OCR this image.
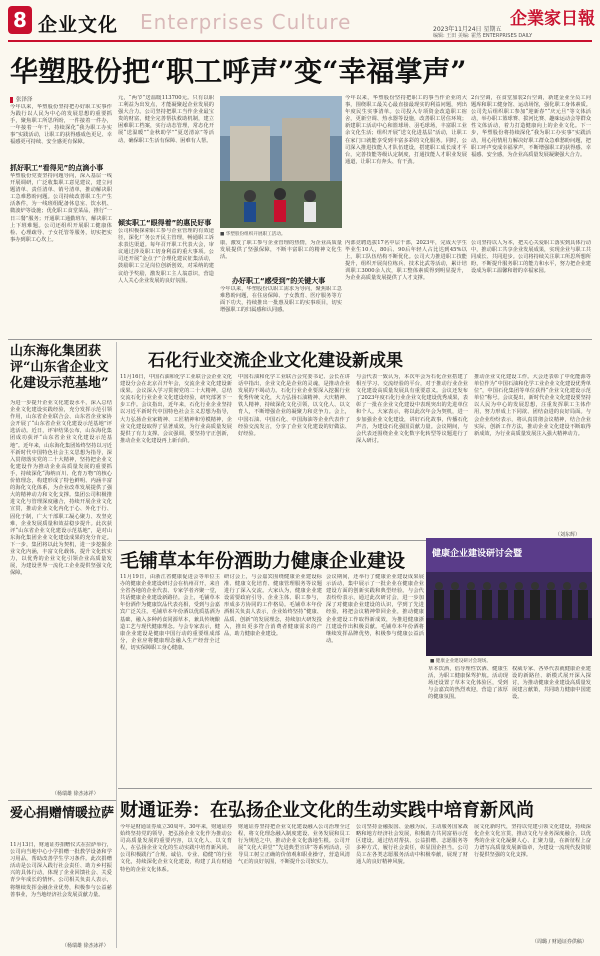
8 企业文化 Enterprises Culture	2023年11月24日 星期五
编辑: 王田 美编: 霍然 ENTERPRISES DAILY
企業家日報
华塑股份把“职工呼声”变“幸福掌声”
张泽泽
今年以来，华塑股份坚持把办好职工实事作为践行以人民为中心的发展思想的重要抓手，聚焦职工所思所盼，一件接着一件办，一年接着一年干，持续深化“我为职工办实事”实践活动，让职工的获得感成色更足、幸福感更可持续、安全感更有保障。
抓好职工“看得见”的点滴小事
华塑股份党委坚持问题导向，深入基层一线开展调研，广泛收集职工意见建议，建立问题清单、责任清单、销号清单，推动解决职工急难愁盼问题。公司持续改善职工生产生活条件，为一线班组配备休息室、饮水机、微波炉等设施；优化职工食堂菜品，推行“一日三餐”服务；开通职工通勤班车，解决职工上下班难题。公司还组织开展职工健康体检、心理疏导、子女托管等服务，切实把实事办到职工心坎上。
元，“两节”送温暖113700元。只有以职工利益为出发点，才能凝聚起企业发展的强大合力。公司坚持把职工当作企业最宝贵的财富，健全完善帮扶救助机制，建立困难职工档案，实行动态管理，常态化开展“送温暖”“金秋助学”“夏送清凉”等活动，确保职工生活有保障、困难有人帮。
倾实职工“眼得着”的惠民好事
公司积极探索职工参与企业管理的有效途径，深化厂务公开民主管理，畅通职工诉求表达渠道。每年召开职工代表大会，审议通过涉及职工切身利益的重大事项。公司还开展“金点子”合理化建议征集活动，鼓励职工立足岗位创新创效，对采纳的建议给予奖励，激发职工主人翁意识，营造人人关心企业发展的良好氛围。
■ 华塑股份组织开展职工活动。
今年以来，华塑股份坚持把职工的事当作企业的大事，围绕职工最关心最直接最现实的利益问题，列出年度民生实事清单。公司投入专项资金改造职工宿舍，更新空调、热水器等设施，改善职工居住环境；新建职工活动中心和篮球场、羽毛球场，丰富职工业余文化生活；组织开展“送文化进基层”活动，让职工在家门口就能享受到丰富多彩的文化服务。同时，公司深入推进技能人才队伍建设，搭建职工成长成才平台，完善技能等级认定制度，打通技能人才职业发展通道，让职工有奔头、有干劲。
2台空调，在食堂加装2台空调，新建金业全员工问题库和职工健身馆、运动场馆，强化职工身体素质。公司先后组织职工参加“迎新春”“庆元旦”等文体活动，举办职工篮球赛、拔河比赛、趣味运动会等群众性文体活动，着力打造健康向上的企业文化。下一步，华塑股份将持续深化“我为职工办实事”实践活动，用心用情用力解决好职工群众急难愁盼问题，把职工呼声变成幸福掌声，不断增强职工的获得感、幸福感、安全感，为企业高质量发展凝聚强大合力。
康，激发了职工参与企业管理的热情，为企业高质量发展提供了坚强保障，不断丰富职工的精神文化生活。
办好职工“感受到”的关键大事
今年以来，华塑股份以职工需求为导向，聚焦职工急难愁盼问题，在住房保障、子女教育、医疗服务等方面下功夫，持续推出一批惠及职工的实事项目，切实增强职工的归属感和认同感。
内部竞聘选拔17名中层干部，2023年，完成大学生毕业生10人，80后、90后年轻人占比达到45%以上，职工队伍结构不断优化。公司大力推进职工技能提升，组织开展岗位练兵、技术比武等活动，累计培训职工3000余人次，职工整体素质得到明显提升，为企业高质量发展提供了人才支撑。
公司坚持以人为本，把关心关爱职工落实到具体行动中，推动职工共享企业发展成果，实现企业与职工共同成长、共同进步。公司将持续关注职工所思所想所盼，不断提升服务职工的能力和水平，努力把企业建设成为职工温馨和谐的幸福家园。
山东海化集团获评“山东省企业文化建设示范基地”
为进一步提升企业文化建设水平，深入总结企业文化建设实践经验，充分发挥示范引领作用，山东省企业联合会、山东省企业家协会开展了“山东省企业文化建设示范基地”评选活动。近日，评审结果公布，山东海化集团成功获评“山东省企业文化建设示范基地”。近年来，山东海化集团始终坚持以习近平新时代中国特色社会主义思想为指导，深入贯彻落实党的二十大精神，坚持把企业文化建设作为推动企业高质量发展的重要抓手，持续深化“海纳百川、化育万物”的核心价值理念，构建形成了特色鲜明、内涵丰富的海化文化体系，为企业改革发展提供了强大的精神动力和文化支撑。集团公司积极推进文化与管理深度融合，持续开展企业文化宣贯，推动企业文化内化于心、外化于行、固化于制，广大干部职工凝心聚力、攻坚克难，企业发展质量和效益稳步提升。此次获评“山东省企业文化建设示范基地”，是对山东海化集团企业文化建设成果的充分肯定。下一步，集团将以此为契机，进一步挖掘企业文化内涵，丰富文化载体，提升文化软实力，以优秀的企业文化引领企业高质量发展，为建设世界一流化工企业提供坚强文化保障。
（杨瑞雄 徐杰冰祥）
爱心捐赠情暖拉萨
11月13日，财通证券捐赠仪式在拉萨举行，公司向当地中心小学捐赠一批教学设备和学习用品，帮助改善学生学习条件。此次捐赠活动是公司深入践行社会责任、助力乡村振兴的具体行动，体现了企业回馈社会、关爱青少年成长的情怀。公司相关负责人表示，将继续发挥金融企业优势，积极参与公益慈善事业，为当地经济社会发展贡献力量。
（杨瑞雄 徐杰冰祥）
石化行业交流企业文化建设新成果
11月16日，中国石油和化学工业联合会企业文化建设分会在北京召开年会，交流企业文化建设新成果。会议深入学习贯彻党的二十大精神，总结交流石化行业企业文化建设经验，研究部署下一步工作。会议指出，近年来，石化行业企业坚持以习近平新时代中国特色社会主义思想为指导，大力弘扬企业家精神、工匠精神和劳模精神，企业文化建设取得了显著成效，为行业高质量发展提供了有力支撑。会议强调，要坚持守正创新，推动企业文化建设再上新台阶。
中国石油和化学工业联合会党委书记、会长在讲话中指出，企业文化是企业的灵魂，是推动企业发展的不竭动力。石化行业企业要深入挖掘行业优秀传统文化，大力弘扬石油精神、大庆精神、铁人精神，持续深化文化引领，以文化人、以文育人，不断增强企业的凝聚力和竞争力。会上，中国石油、中国石化、中国海油等企业代表作了经验交流发言，分享了企业文化建设的好做法、好经验。
与会代表一致认为，本次年会为石化企业搭建了相互学习、交流经验的平台，对于推动行业企业文化建设高质量发展具有重要意义。会议还发布了2023年度石化行业企业文化建设优秀成果，表彰了一批在企业文化建设中表现突出的先进单位和个人。大家表示，将以此次年会为契机，进一步加强企业文化建设，讲好石化故事，传播石化声音，为建设石化强国贡献力量。会议期间，与会代表还围绕企业文化数字化转型等议题进行了深入研讨。
推动企业文化建设工作。大会还表彰了中化能源等单位作为“中国石油和化学工业企业文化建设优秀单位”，中国石化集团等单位获得“企业文化建设示范单位”称号。会议提出，新时代企业文化建设要坚持以人民为中心的发展思想，注重发挥职工主体作用，努力形成上下同欲、团结奋进的良好局面。与会企业纷纷表示，将认真贯彻会议精神，结合企业实际，创新工作方法，推动企业文化建设不断取得新成效，为行业高质量发展注入强大精神动力。
（刘东辉）
毛铺草本年份酒助力健康企业建设	健康企业建设研讨会暨
■ 健康企业建设研讨会现场。
11月19日，由浙江省健康促进会等单位主办的健康企业建设研讨会在杭州召开，来自全省各地的企业代表、专家学者齐聚一堂，共话健康企业建设新路径。会上，毛铺草本年份酒作为健康饮品代表亮相，受到与会嘉宾广泛关注。毛铺草本年份酒以优质基酒为基础，融入多种药食同源草本，兼具传统酿造工艺与现代健康理念。与会专家表示，健康企业建设是健康中国行动的重要组成部分，企业应将健康理念融入生产经营全过程，切实保障职工身心健康。
研讨会上，与会嘉宾围绕健康企业建设标准、健康文化培育、健康管理服务等议题进行了深入交流。大家认为，健康企业建设需要政府引导、企业主体、职工参与，形成多方协同的工作格局。毛铺草本年份酒相关负责人表示，企业始终坚持“健康、品质、创新”的发展理念，持续加大研发投入，推出更多符合消费者健康需求的产品，助力健康企业建设。
会议期间，还举行了健康企业建设成果展示活动，集中展示了一批企业在健康企业建设方面的创新实践和典型经验。与会代表纷纷表示，通过此次研讨会，进一步加深了对健康企业建设的认识，学到了先进经验，将把会议精神带回企业，推动健康企业建设工作取得新成效，为推进健康浙江建设作出积极贡献。毛铺草本年份酒将继续发挥品牌优势，积极参与健康公益活动。
草本饮酒，倡导理性饮酒、健康生活，为职工健康保驾护航。活动现场还设置了草本文化体验区，受到与会嘉宾的热烈欢迎，营造了浓厚的健康氛围。
权威专家、各界代表就健康企业建设的新路径、新模式展开深入探讨，为推动健康企业建设高质量发展建言献策，共同助力健康中国建设。
财通证券：在弘扬企业文化的生动实践中培育新风尚
今年是财通证券成立30周年。30年来，财通证券始终坚持党的领导，把弘扬企业文化作为推动公司高质量发展的重要内容，以文化人、以文育人，在弘扬企业文化的生动实践中培育新风尚。公司积极践行“合规、诚信、专业、稳健”的行业文化，持续深化企业文化建设，构建了具有财通特色的企业文化体系。
财通证券坚持把企业文化建设融入公司治理全过程，将文化理念融入制度建设、业务发展和员工行为规范之中，推动企业文化落地生根。公司开展“文化大讲堂”“先进典型宣讲”等系列活动，引导员工树立正确的价值观和职业操守，营造风清气正的良好氛围，不断提升公司软实力。
公司坚持金融报国、金融为民，主动服务国家战略和地方经济社会发展，积极助力共同富裕示范区建设。通过结对帮扶、公益捐赠、志愿服务等多种方式，履行社会责任，彰显国企担当。公司员工在各类志愿服务活动中积极奉献，展现了财通人的良好精神风貌。
展文化新时代，坚持以党建引领文化建设，持续深化企业文化宣贯，推动文化与业务深度融合，以优秀的企业文化凝聚人心、汇聚力量，在新征程上奋力谱写高质量发展新篇章，为建设一流现代投资银行提供坚强的文化支撑。
（周璐 / 财通证券供稿）
